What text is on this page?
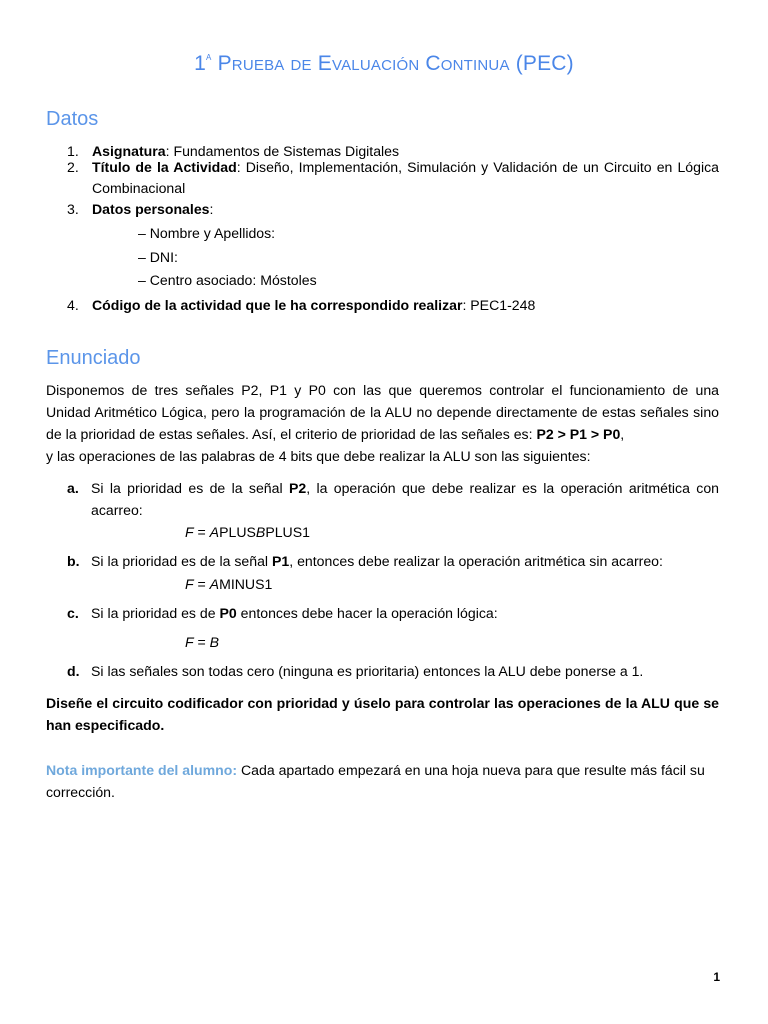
1$^a$ Prueba de Evaluación Continua (PEC)
Datos
1. Asignatura: Fundamentos de Sistemas Digitales
2. Título de la Actividad: Diseño, Implementación, Simulación y Validación de un Circuito en Lógica
Combinacional
3. Datos personales:
– Nombre y Apellidos:
– DNI:
– Centro asociado: Móstoles
4. Código de la actividad que le ha correspondido realizar: PEC1-248
Enunciado
Disponemos de tres señales P2, P1 y P0 con las que queremos controlar el funcionamiento de una
Unidad Aritmético Lógica, pero la programación de la ALU no depende directamente de estas señales sino
de la prioridad de estas señales. Así, el criterio de prioridad de las señales es: P2 > P1 > P0,
y las operaciones de las palabras de 4 bits que debe realizar la ALU son las siguientes:
a. Si la prioridad es de la señal P2, la operación que debe realizar es la operación aritmética con
acarreo:
F = APLUSBPLUS1
b. Si la prioridad es de la señal P1, entonces debe realizar la operación aritmética sin acarreo:
F = AMINUS1
c. Si la prioridad es de P0 entonces debe hacer la operación lógica:
F = B
d. Si las señales son todas cero (ninguna es prioritaria) entonces la ALU debe ponerse a 1.
Diseñe el circuito codificador con prioridad y úselo para controlar las operaciones de la ALU que se
han especificado.
Nota importante del alumno: Cada apartado empezará en una hoja nueva para que resulte más fácil su
corrección.
1
